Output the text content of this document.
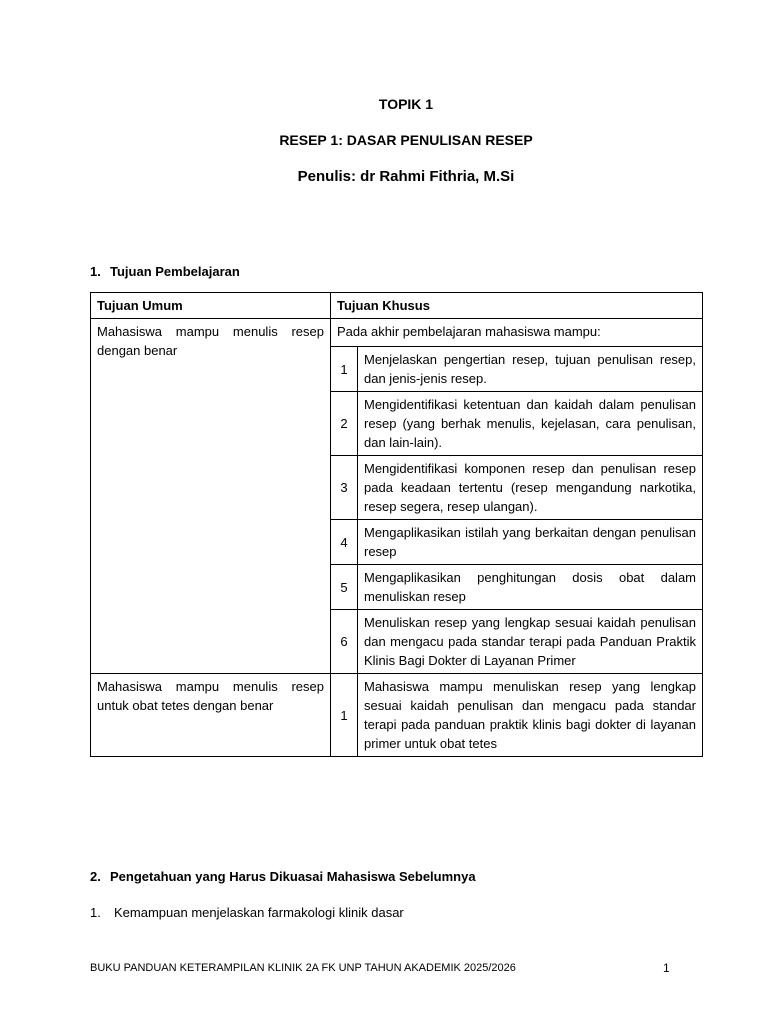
TOPIK 1
RESEP 1: DASAR PENULISAN RESEP
Penulis: dr Rahmi Fithria, M.Si
1. Tujuan Pembelajaran
Tujuan Umum	Tujuan Khusus	
Mahasiswa mampu menulis resep dengan benar	Pada akhir pembelajaran mahasiswa mampu:	
	1	Menjelaskan pengertian resep, tujuan penulisan resep, dan jenis-jenis resep.
	2	Mengidentifikasi ketentuan dan kaidah dalam penulisan resep (yang berhak menulis, kejelasan, cara penulisan, dan lain-lain).
	3	Mengidentifikasi komponen resep dan penulisan resep pada keadaan tertentu (resep mengandung narkotika, resep segera, resep ulangan).
	4	Mengaplikasikan istilah yang berkaitan dengan penulisan resep
	5	Mengaplikasikan penghitungan dosis obat dalam menuliskan resep
	6	Menuliskan resep yang lengkap sesuai kaidah penulisan dan mengacu pada standar terapi pada Panduan Praktik Klinis Bagi Dokter di Layanan Primer
Mahasiswa mampu menulis resep untuk obat tetes dengan benar	1	Mahasiswa mampu menuliskan resep yang lengkap sesuai kaidah penulisan dan mengacu pada standar terapi pada panduan praktik klinis bagi dokter di layanan primer untuk obat tetes
2. Pengetahuan yang Harus Dikuasai Mahasiswa Sebelumnya
1. Kemampuan menjelaskan farmakologi klinik dasar
BUKU PANDUAN KETERAMPILAN KLINIK 2A FK UNP TAHUN AKADEMIK 2025/2026	1
